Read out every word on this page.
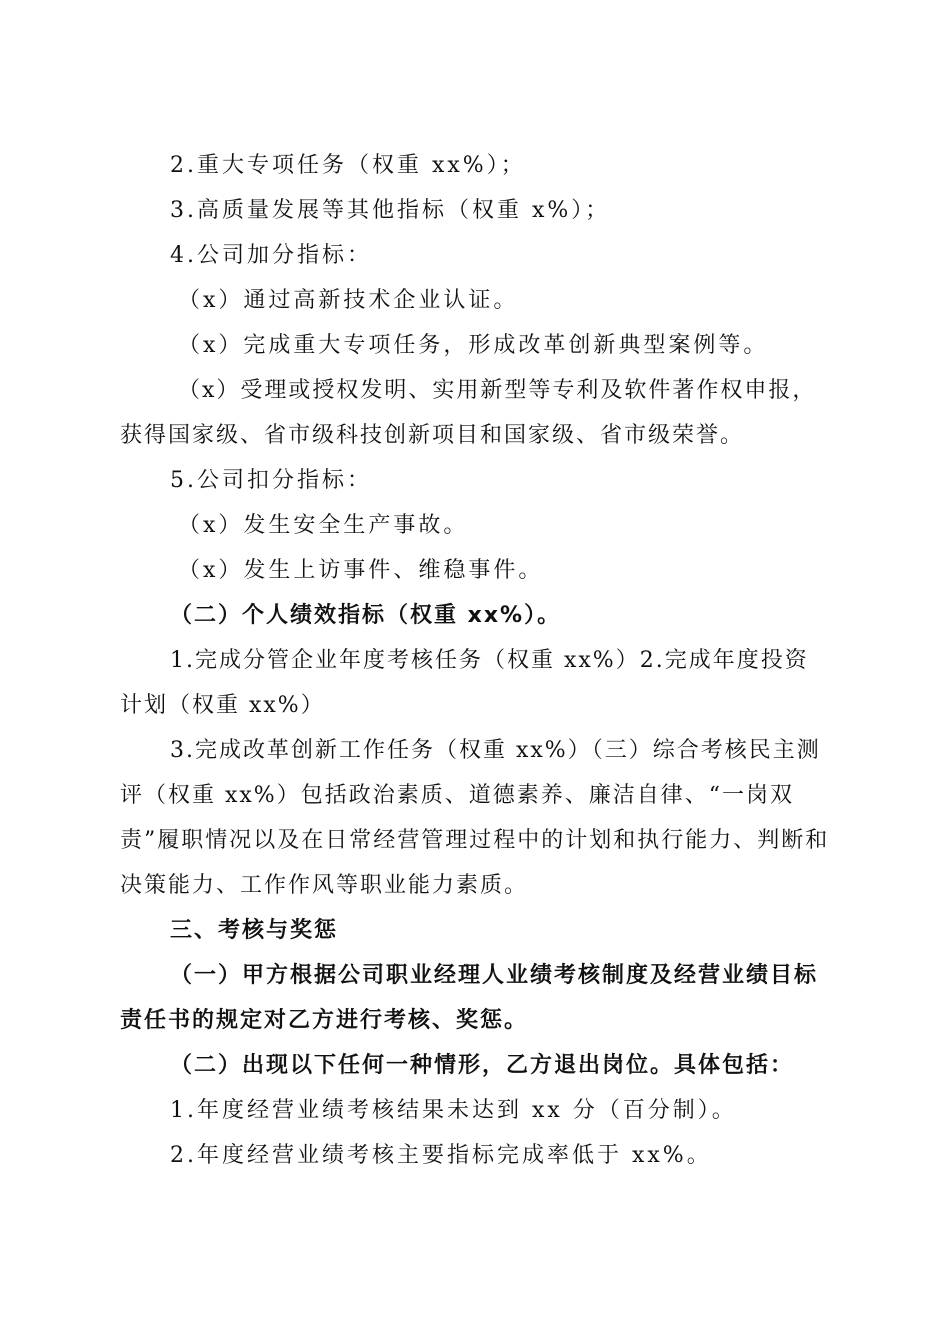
2.重大专项任务（权重 xx%）；

3.高质量发展等其他指标（权重 x%）；

4.公司加分指标：

（x）通过高新技术企业认证。

（x）完成重大专项任务，形成改革创新典型案例等。

（x）受理或授权发明、实用新型等专利及软件著作权申报，获得国家级、省市级科技创新项目和国家级、省市级荣誉。

5.公司扣分指标：

（x）发生安全生产事故。

（x）发生上访事件、维稳事件。

（二）个人绩效指标（权重 xx%）。

1.完成分管企业年度考核任务（权重 xx%）2.完成年度投资计划（权重 xx%）

3.完成改革创新工作任务（权重 xx%）（三）综合考核民主测评（权重 xx%）包括政治素质、道德素养、廉洁自律、“一岗双责”履职情况以及在日常经营管理过程中的计划和执行能力、判断和决策能力、工作作风等职业能力素质。

三、考核与奖惩

（一）甲方根据公司职业经理人业绩考核制度及经营业绩目标责任书的规定对乙方进行考核、奖惩。

（二）出现以下任何一种情形，乙方退出岗位。具体包括：

1.年度经营业绩考核结果未达到 xx 分（百分制）。

2.年度经营业绩考核主要指标完成率低于 xx%。
